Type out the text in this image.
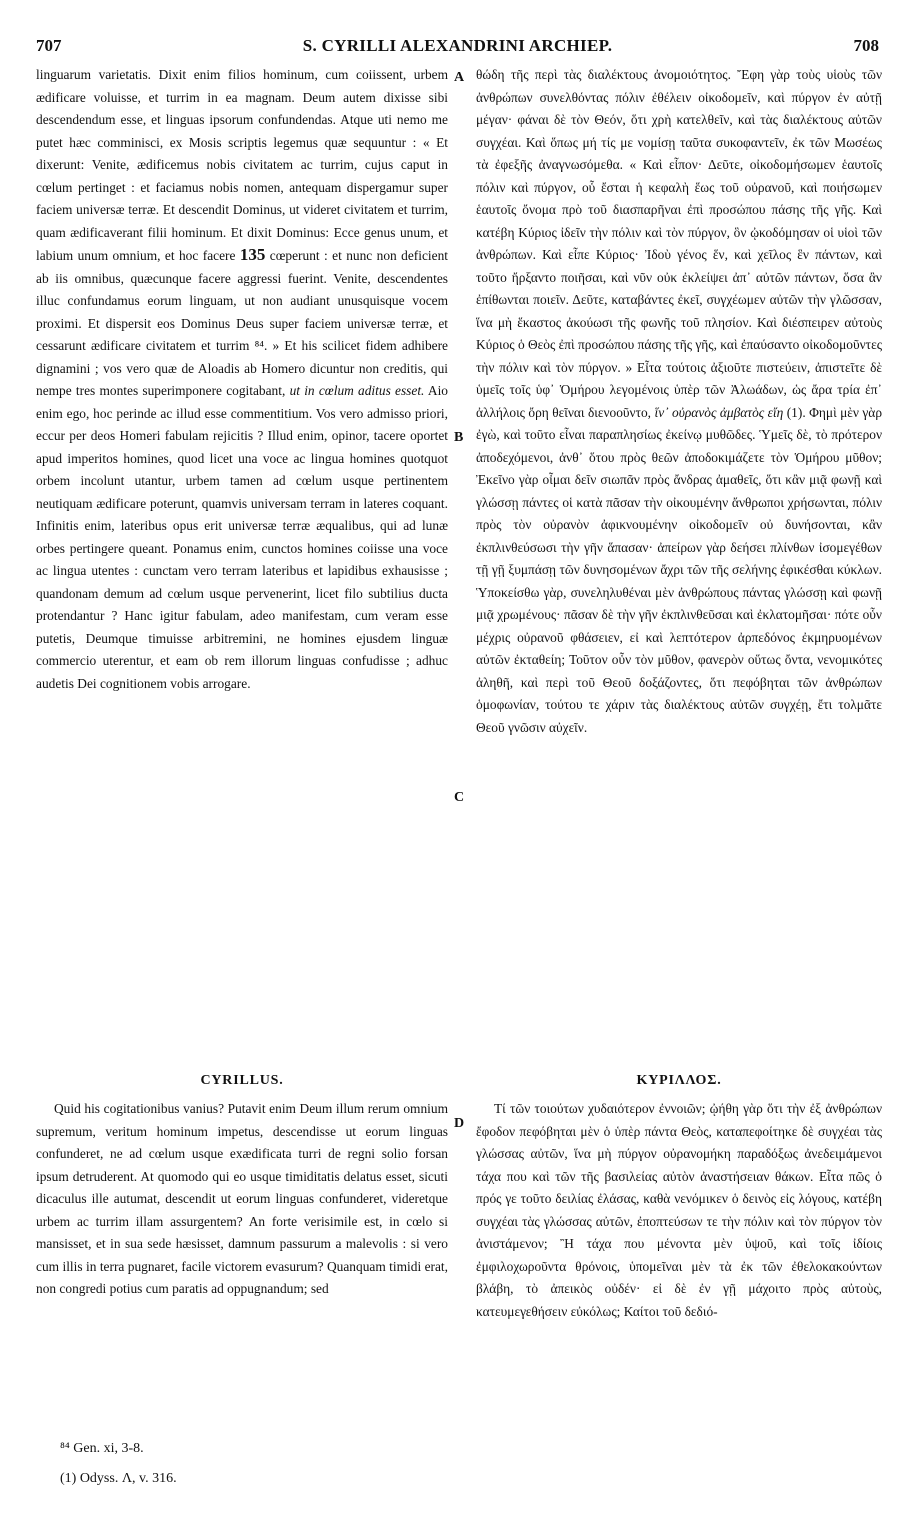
707	S. CYRILLI ALEXANDRINI ARCHIEP.	708

linguarum varietatis. Dixit enim filios hominum, cum coiissent, urbem ædificare voluisse, et turrim in ea magnam. Deum autem dixisse sibi descendendum esse, et linguas ipsorum confundendas. Atque uti nemo me putet hæc comminisci, ex Mosis scriptis legemus quæ sequuntur : « Et dixerunt: Venite, ædificemus nobis civitatem ac turrim, cujus caput in cœlum pertinget : et faciamus nobis nomen, antequam dispergamur super faciem universæ terræ. Et descendit Dominus, ut videret civitatem et turrim, quam ædificaverant filii hominum. Et dixit Dominus: Ecce genus unum, et labium unum omnium, et hoc facere 135 cœperunt : et nunc non deficient ab iis omnibus, quæcunque facere aggressi fuerint. Venite, descendentes illuc confundamus eorum linguam, ut non audiant unusquisque vocem proximi. Et dispersit eos Dominus Deus super faciem universæ terræ, et cessarunt ædificare civitatem et turrim ⁸⁴. » Et his scilicet fidem adhibere dignamini ; vos vero quæ de Aloadis ab Homero dicuntur non creditis, qui nempe tres montes superimponere cogitabant, ut in cœlum aditus esset. Aio enim ego, hoc perinde ac illud esse commentitium. Vos vero admisso priori, eccur per deos Homeri fabulam rejicitis ? Illud enim, opinor, tacere oportet apud imperitos homines, quod licet una voce ac lingua homines quotquot orbem incolunt utantur, urbem tamen ad cœlum usque pertinentem neutiquam ædificare poterunt, quamvis universam terram in lateres coquant. Infinitis enim, lateribus opus erit universæ terræ æqualibus, qui ad lunæ orbes pertingere queant. Ponamus enim, cunctos homines coiisse una voce ac lingua utentes : cunctam vero terram lateribus et lapidibus exhausisse ; quandonam demum ad cœlum usque pervenerint, licet filo subtilius ducta protendantur ? Hanc igitur fabulam, adeo manifestam, cum veram esse putetis, Deumque timuisse arbitremini, ne homines ejusdem linguæ commercio uterentur, et eam ob rem illorum linguas confudisse ; adhuc audetis Dei cognitionem vobis arrogare.

θώδη τῆς περὶ τὰς διαλέκτους ἀνομοιότητος. Ἔφη γὰρ τοὺς υἱοὺς τῶν ἀνθρώπων συνελθόντας πόλιν ἐθέλειν οἰκοδομεῖν, καὶ πύργον ἐν αὐτῇ μέγαν· φάναι δὲ τὸν Θεόν, ὅτι χρὴ κατελθεῖν, καὶ τὰς διαλέκτους αὐτῶν συγχέαι. Καὶ ὅπως μή τίς με νομίσῃ ταῦτα συκοφαντεῖν, ἐκ τῶν Μωσέως τὰ ἐφεξῆς ἀναγνωσόμεθα. « Καὶ εἶπον· Δεῦτε, οἰκοδομήσωμεν ἑαυτοῖς πόλιν καὶ πύργον, οὗ ἔσται ἡ κεφαλὴ ἕως τοῦ οὐρανοῦ, καὶ ποιήσωμεν ἑαυτοῖς ὄνομα πρὸ τοῦ διασπαρῆναι ἐπὶ προσώπου πάσης τῆς γῆς. Καὶ κατέβη Κύριος ἰδεῖν τὴν πόλιν καὶ τὸν πύργον, ὃν ᾠκοδόμησαν οἱ υἱοὶ τῶν ἀνθρώπων. Καὶ εἶπε Κύριος· Ἰδοὺ γένος ἕν, καὶ χεῖλος ἓν πάντων, καὶ τοῦτο ἤρξαντο ποιῆσαι, καὶ νῦν οὐκ ἐκλείψει ἀπ᾽ αὐτῶν πάντων, ὅσα ἂν ἐπίθωνται ποιεῖν. Δεῦτε, καταβάντες ἐκεῖ, συγχέωμεν αὐτῶν τὴν γλῶσσαν, ἵνα μὴ ἕκαστος ἀκούωσι τῆς φωνῆς τοῦ πλησίον. Καὶ διέσπειρεν αὐτοὺς Κύριος ὁ Θεὸς ἐπὶ προσώπου πάσης τῆς γῆς, καὶ ἐπαύσαντο οἰκοδομοῦντες τὴν πόλιν καὶ τὸν πύργον. » Εἶτα τούτοις ἀξιοῦτε πιστεύειν, ἀπιστεῖτε δὲ ὑμεῖς τοῖς ὑφ᾽ Ὁμήρου λεγομένοις ὑπὲρ τῶν Ἀλωάδων, ὡς ἄρα τρία ἐπ᾽ ἀλλήλοις ὄρη θεῖναι διενοοῦντο, ἵν᾽ οὐρανὸς ἀμβατὸς εἴη (1). Φημὶ μὲν γὰρ ἐγὼ, καὶ τοῦτο εἶναι παραπλησίως ἐκείνῳ μυθῶδες. Ὑμεῖς δὲ, τὸ πρότερον ἀποδεχόμενοι, ἀνθ᾽ ὅτου πρὸς θεῶν ἀποδοκιμάζετε τὸν Ὁμήρου μῦθον; Ἐκεῖνο γὰρ οἶμαι δεῖν σιωπᾶν πρὸς ἄνδρας ἀμαθεῖς, ὅτι κἂν μιᾷ φωνῇ καὶ γλώσσῃ πάντες οἱ κατὰ πᾶσαν τὴν οἰκουμένην ἄνθρωποι χρήσωνται, πόλιν πρὸς τὸν οὐρανὸν ἀφικνουμένην οἰκοδομεῖν οὐ δυνήσονται, κἂν ἐκπλινθεύσωσι τὴν γῆν ἅπασαν· ἀπείρων γὰρ δεήσει πλίνθων ἰσομεγέθων τῇ γῇ ξυμπάσῃ τῶν δυνησομένων ἄχρι τῶν τῆς σελήνης ἐφικέσθαι κύκλων. Ὑποκείσθω γὰρ, συνεληλυθέναι μὲν ἀνθρώπους πάντας γλώσσῃ καὶ φωνῇ μιᾷ χρωμένους· πᾶσαν δὲ τὴν γῆν ἐκπλινθεῦσαι καὶ ἐκλατομῆσαι· πότε οὖν μέχρις οὐρανοῦ φθάσειεν, εἰ καὶ λεπτότερον ἀρπεδόνος ἐκμηρυομένων αὐτῶν ἐκταθείη; Τοῦτον οὖν τὸν μῦθον, φανερὸν οὕτως ὄντα, νενομικότες ἀληθῆ, καὶ περὶ τοῦ Θεοῦ δοξάζοντες, ὅτι πεφόβηται τῶν ἀνθρώπων ὁμοφωνίαν, τούτου τε χάριν τὰς διαλέκτους αὐτῶν συγχέῃ, ἔτι τολμᾶτε Θεοῦ γνῶσιν αὐχεῖν.

A
B
C
D
CYRILLUS.	ΚΥΡΙΛΛΟΣ.

Quid his cogitationibus vanius? Putavit enim Deum illum rerum omnium supremum, veritum hominum impetus, descendisse ut eorum linguas confunderet, ne ad cœlum usque exædificata turri de regni solio forsan ipsum detruderent. At quomodo qui eo usque timiditatis delatus esset, sicuti dicaculus ille autumat, descendit ut eorum linguas confunderet, videretque urbem ac turrim illam assurgentem? An forte verisimile est, in cœlo si mansisset, et in sua sede hæsisset, damnum passurum a malevolis : si vero cum illis in terra pugnaret, facile victorem evasurum? Quanquam timidi erat, non congredi potius cum paratis ad oppugnandum; sed

Τί τῶν τοιούτων χυδαιότερον ἐννοιῶν; ᾠήθη γὰρ ὅτι τὴν ἐξ ἀνθρώπων ἔφοδον πεφόβηται μὲν ὁ ὑπὲρ πάντα Θεὸς, καταπεφοίτηκε δὲ συγχέαι τὰς γλώσσας αὐτῶν, ἵνα μὴ πύργον οὐρανομήκη παραδόξως ἀνεδειμάμενοι τάχα που καὶ τῶν τῆς βασιλείας αὐτὸν ἀναστήσειαν θάκων. Εἶτα πῶς ὁ πρός γε τοῦτο δειλίας ἐλάσας, καθὰ νενόμικεν ὁ δεινὸς εἰς λόγους, κατέβη συγχέαι τὰς γλώσσας αὐτῶν, ἐποπτεύσων τε τὴν πόλιν καὶ τὸν πύργον τὸν ἀνιστάμενον; Ἢ τάχα που μένοντα μὲν ὑψοῦ, καὶ τοῖς ἰδίοις ἐμφιλοχωροῦντα θρόνοις, ὑπομεῖναι μὲν τὰ ἐκ τῶν ἐθελοκακούντων βλάβη, τὸ ἀπεικὸς οὐδέν· εἰ δὲ ἐν γῇ μάχοιτο πρὸς αὐτοὺς, κατευμεγεθήσειν εὐκόλως; Καίτοι τοῦ δεδιό-

⁸⁴ Gen. xi, 3-8.
(1) Odyss. Λ, v. 316.
